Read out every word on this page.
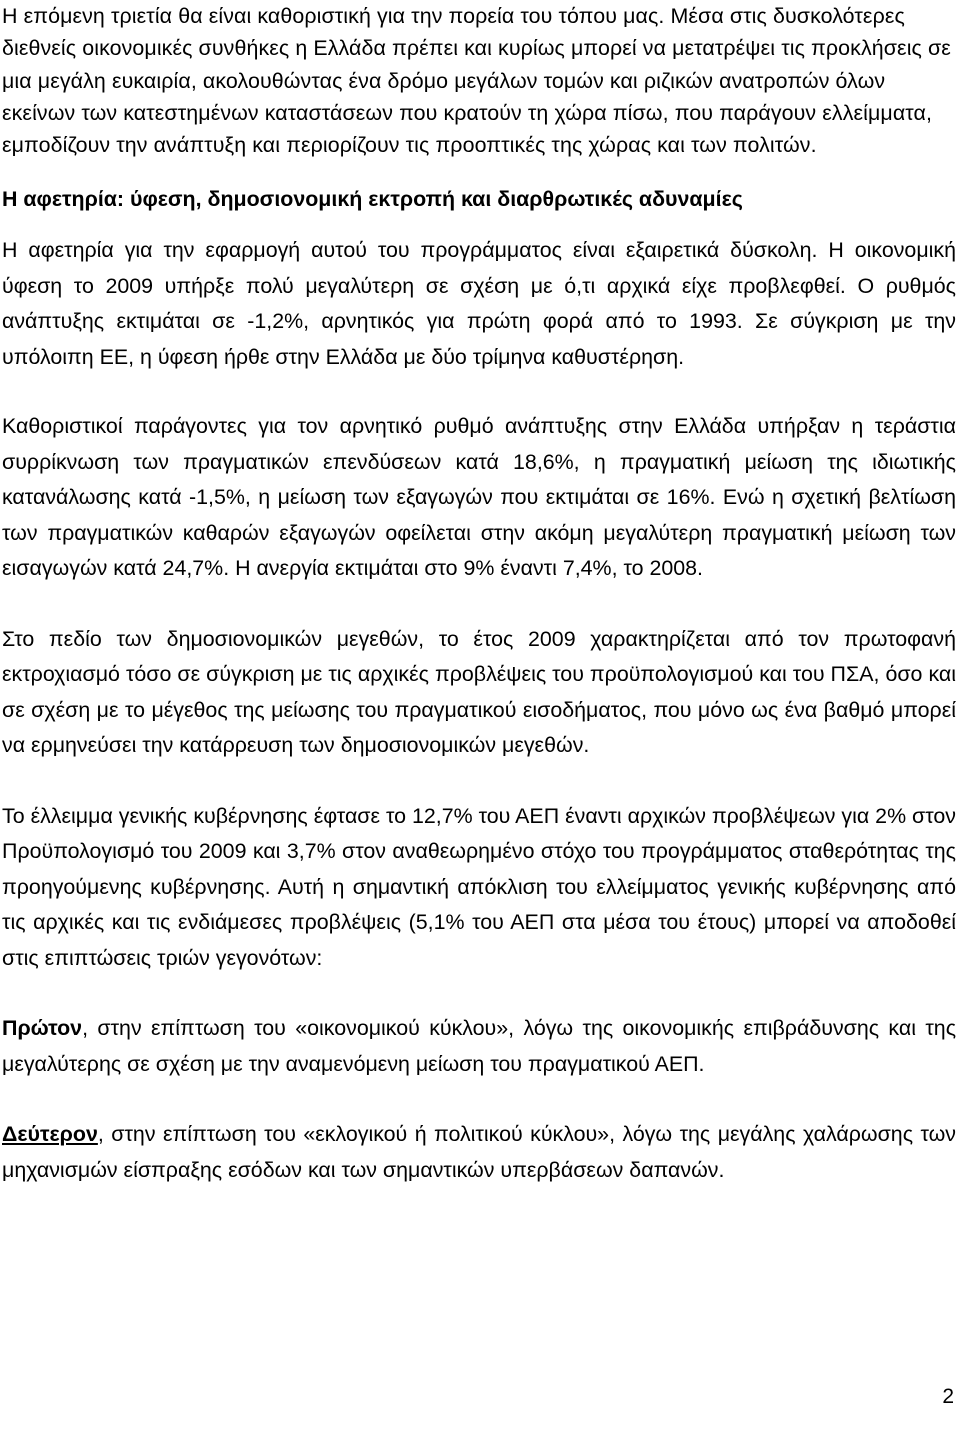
Η επόμενη τριετία θα είναι καθοριστική για την πορεία του τόπου μας. Μέσα στις δυσκολότερες διεθνείς οικονομικές συνθήκες η Ελλάδα πρέπει και κυρίως μπορεί να μετατρέψει τις προκλήσεις σε μια μεγάλη ευκαιρία, ακολουθώντας ένα δρόμο μεγάλων τομών και ριζικών ανατροπών όλων εκείνων των κατεστημένων καταστάσεων που κρατούν τη χώρα πίσω, που παράγουν ελλείμματα, εμποδίζουν την ανάπτυξη και περιορίζουν τις προοπτικές της χώρας και των πολιτών.

Η αφετηρία: ύφεση, δημοσιονομική εκτροπή και διαρθρωτικές αδυναμίες

Η αφετηρία για την εφαρμογή αυτού του προγράμματος είναι εξαιρετικά δύσκολη. Η οικονομική ύφεση το 2009 υπήρξε πολύ μεγαλύτερη σε σχέση με ό,τι αρχικά είχε προβλεφθεί. Ο ρυθμός ανάπτυξης εκτιμάται σε -1,2%, αρνητικός για πρώτη φορά από το 1993. Σε σύγκριση με την υπόλοιπη ΕΕ, η ύφεση ήρθε στην Ελλάδα με δύο τρίμηνα καθυστέρηση.

Καθοριστικοί παράγοντες για τον αρνητικό ρυθμό ανάπτυξης στην Ελλάδα υπήρξαν η τεράστια συρρίκνωση των πραγματικών επενδύσεων κατά 18,6%, η πραγματική μείωση της ιδιωτικής κατανάλωσης κατά -1,5%, η μείωση των εξαγωγών που εκτιμάται σε 16%. Ενώ η σχετική βελτίωση των πραγματικών καθαρών εξαγωγών οφείλεται στην ακόμη μεγαλύτερη πραγματική μείωση των εισαγωγών κατά 24,7%. Η ανεργία εκτιμάται στο 9% έναντι 7,4%, το 2008.

Στο πεδίο των δημοσιονομικών μεγεθών, το έτος 2009 χαρακτηρίζεται από τον πρωτοφανή εκτροχιασμό τόσο σε σύγκριση με τις αρχικές προβλέψεις του προϋπολογισμού και του ΠΣΑ, όσο και σε σχέση με το μέγεθος της μείωσης του πραγματικού εισοδήματος, που μόνο ως ένα βαθμό μπορεί να ερμηνεύσει την κατάρρευση των δημοσιονομικών μεγεθών.

Το έλλειμμα γενικής κυβέρνησης έφτασε το 12,7% του ΑΕΠ έναντι αρχικών προβλέψεων για 2% στον Προϋπολογισμό του 2009 και 3,7% στον αναθεωρημένο στόχο του προγράμματος σταθερότητας της προηγούμενης κυβέρνησης. Αυτή η σημαντική απόκλιση του ελλείμματος γενικής κυβέρνησης από τις αρχικές και τις ενδιάμεσες προβλέψεις (5,1% του ΑΕΠ στα μέσα του έτους) μπορεί να αποδοθεί στις επιπτώσεις τριών γεγονότων:

Πρώτον, στην επίπτωση του «οικονομικού κύκλου», λόγω της οικονομικής επιβράδυνσης και της μεγαλύτερης σε σχέση με την αναμενόμενη μείωση του πραγματικού ΑΕΠ.

Δεύτερον, στην επίπτωση του «εκλογικού ή πολιτικού κύκλου», λόγω της μεγάλης χαλάρωσης των μηχανισμών είσπραξης εσόδων και των σημαντικών υπερβάσεων δαπανών.

2
